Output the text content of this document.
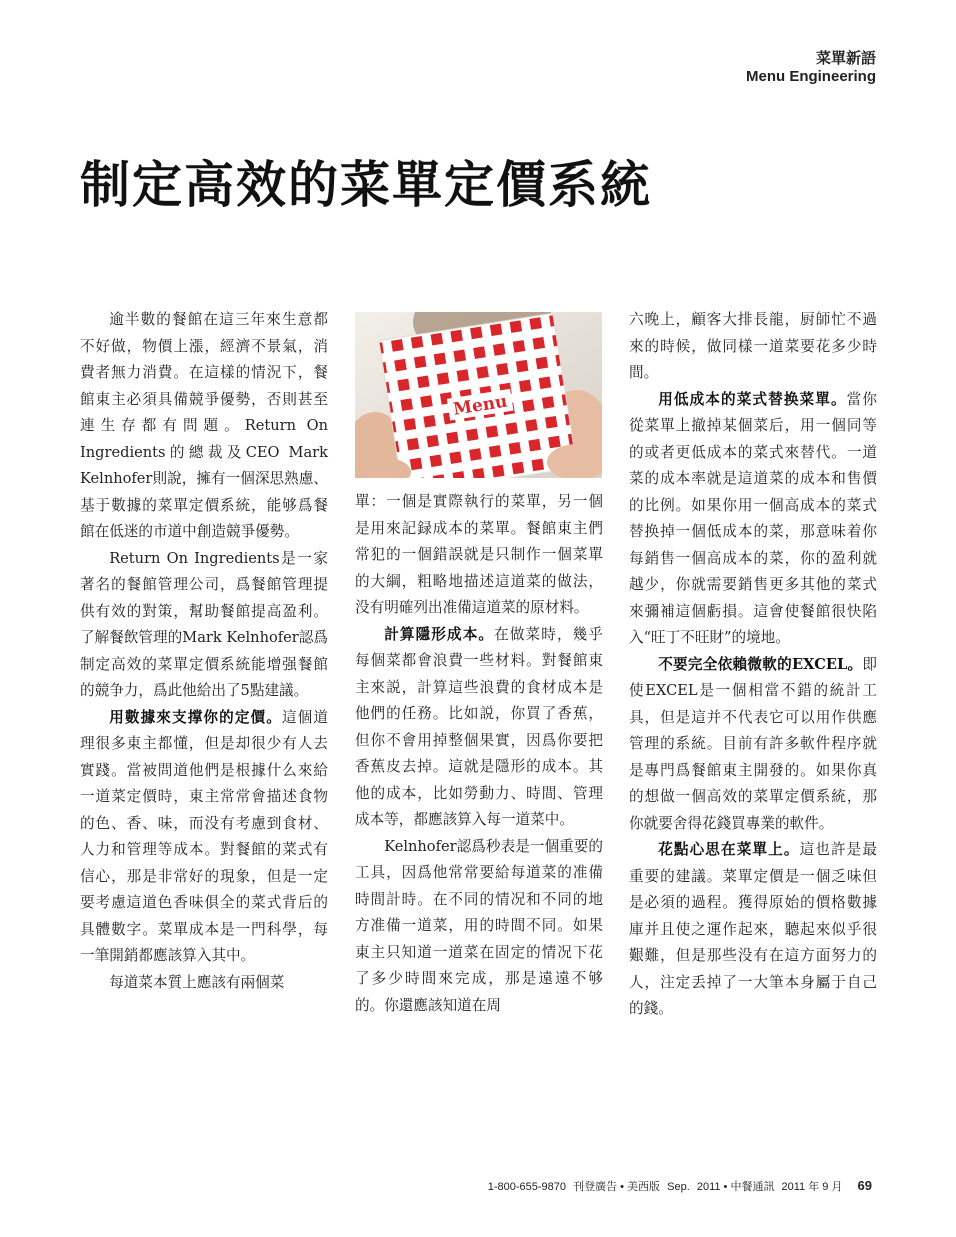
菜單新語
Menu Engineering
制定高效的菜單定價系統

逾半數的餐館在這三年來生意都不好做，物價上漲，經濟不景氣，消費者無力消費。在這樣的情況下，餐館東主必須具備競爭優勢，否則甚至連生存都有問題。Return On Ingredients的總裁及CEO Mark Kelnhofer則說，擁有一個深思熟慮、基于數據的菜單定價系統，能够爲餐館在低迷的市道中創造競爭優勢。

Return On Ingredients是一家著名的餐館管理公司，爲餐館管理提供有效的對策，幫助餐館提高盈利。了解餐飲管理的Mark Kelnhofer認爲制定高效的菜單定價系統能增强餐館的競争力，爲此他給出了5點建議。

用數據來支撑你的定價。這個道理很多東主都懂，但是却很少有人去實踐。當被問道他們是根據什么來給一道菜定價時，東主常常會描述食物的色、香、味，而没有考慮到食材、人力和管理等成本。對餐館的菜式有信心，那是非常好的現象，但是一定要考慮這道色香味俱全的菜式背后的具體數字。菜單成本是一門科學，每一筆開銷都應該算入其中。

每道菜本質上應該有兩個菜

Menu

單：一個是實際執行的菜單，另一個是用來記録成本的菜單。餐館東主們常犯的一個錯誤就是只制作一個菜單的大綱，粗略地描述這道菜的做法，没有明確列出准備這道菜的原材料。

計算隱形成本。在做菜時，幾乎每個菜都會浪費一些材料。對餐館東主來説，計算這些浪費的食材成本是他們的任務。比如説，你買了香蕉，但你不會用掉整個果實，因爲你要把香蕉皮去掉。這就是隱形的成本。其他的成本，比如勞動力、時間、管理成本等，都應該算入每一道菜中。

Kelnhofer認爲秒表是一個重要的工具，因爲他常常要給每道菜的准備時間計時。在不同的情况和不同的地方准備一道菜，用的時間不同。如果東主只知道一道菜在固定的情况下花了多少時間來完成，那是遠遠不够的。你還應該知道在周

六晚上，顧客大排長龍，厨師忙不過來的時候，做同樣一道菜要花多少時間。

用低成本的菜式替换菜單。當你從菜單上撤掉某個菜后，用一個同等的或者更低成本的菜式來替代。一道菜的成本率就是這道菜的成本和售價的比例。如果你用一個高成本的菜式替换掉一個低成本的菜，那意味着你每銷售一個高成本的菜，你的盈利就越少，你就需要銷售更多其他的菜式來彌補這個虧損。這會使餐館很快陷入“旺丁不旺財”的境地。

不要完全依賴微軟的EXCEL。即使EXCEL是一個相當不錯的統計工具，但是這并不代表它可以用作供應管理的系統。目前有許多軟件程序就是專門爲餐館東主開發的。如果你真的想做一個高效的菜單定價系統，那你就要舍得花錢買專業的軟件。

花點心思在菜單上。這也許是最重要的建議。菜單定價是一個乏味但是必須的過程。獲得原始的價格數據庫并且使之運作起來，聽起來似乎很艱難，但是那些没有在這方面努力的人，注定丢掉了一大筆本身屬于自己的錢。

1-800-655-9870 刊登廣告 • 美西版 Sep. 2011 • 中餐通訊 2011 年 9 月 69
